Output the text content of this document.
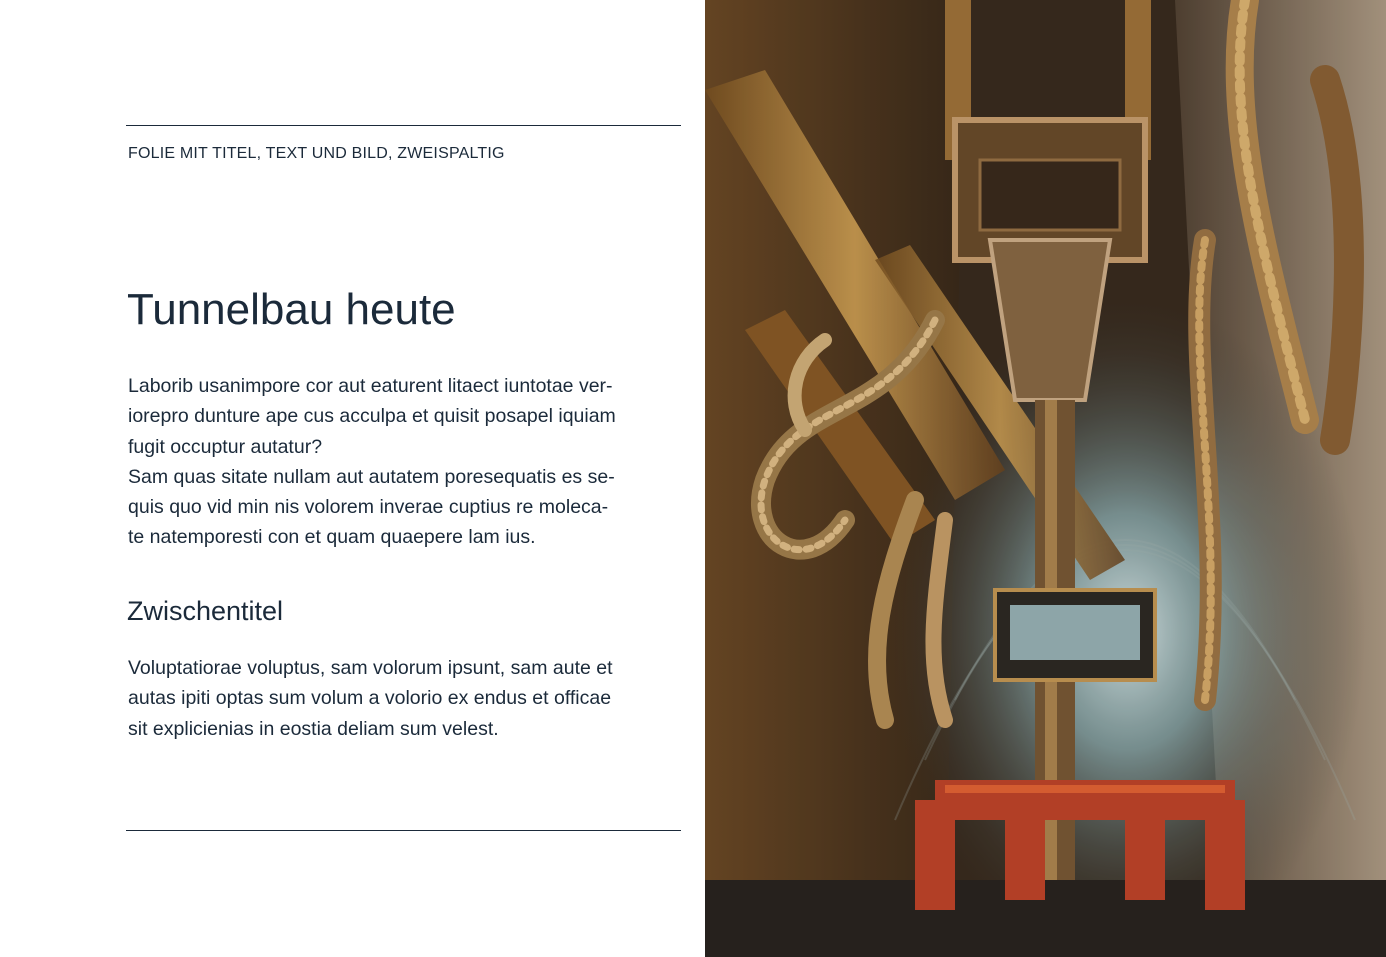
FOLIE MIT TITEL, TEXT UND BILD, ZWEISPALTIG
Tunnelbau heute
Laborib usanimpore cor aut eaturent litaect iuntotae ver-
iorepro dunture ape cus acculpa et quisit posapel iquiam
fugit occuptur autatur?
Sam quas sitate nullam aut autatem poresequatis es se-
quis quo vid min nis volorem inverae cuptius re moleca-
te natemporesti con et quam quaepere lam ius.
Zwischentitel
Voluptatiorae voluptus, sam volorum ipsunt, sam aute et
autas ipiti optas sum volum a volorio ex endus et officae
sit explicienias in eostia deliam sum velest.
